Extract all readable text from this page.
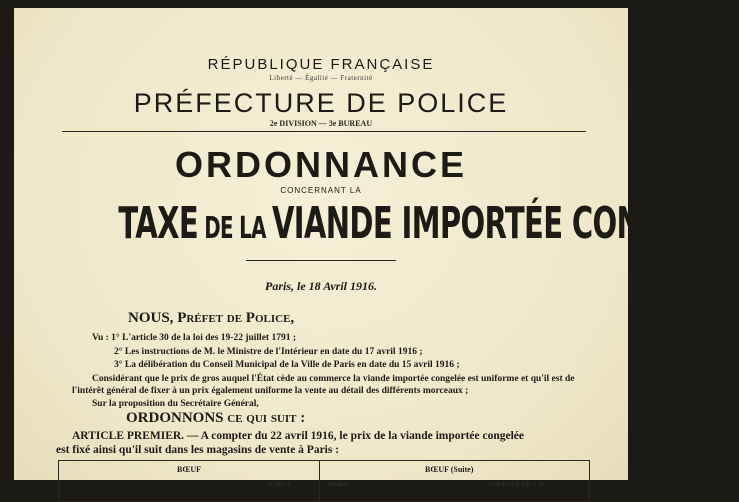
RÉPUBLIQUE FRANÇAISE
Liberté — Égalité — Fraternité
PRÉFECTURE DE POLICE
2e DIVISION — 3e BUREAU
ORDONNANCE
CONCERNANT LA
TAXE DE LA VIANDE IMPORTÉE CONGELÉE
Paris, le 18 Avril 1916.
NOUS, Préfet de Police,
Vu : 1° L'article 30 de la loi des 19-22 juillet 1791 ;
2° Les instructions de M. le Ministre de l'Intérieur en date du 17 avril 1916 ;
3° La délibération du Conseil Municipal de la Ville de Paris en date du 15 avril 1916 ;
Considérant que le prix de gros auquel l'État cède au commerce la viande importée congelée est uniforme et qu'il est de
l'intérêt général de fixer à un prix également uniforme la vente au détail des différents morceaux ;
Sur la proposition du Secrétaire Général,
ORDONNONS ce qui suit :
ARTICLE PREMIER. — A compter du 22 avril 1916, le prix de la viande importée congelée
est fixé ainsi qu'il suit dans les magasins de vente à Paris :
BŒUF	BŒUF (Suite)
le kilo 5	Tendron	(1/4 d'os) le kilo 1 20
